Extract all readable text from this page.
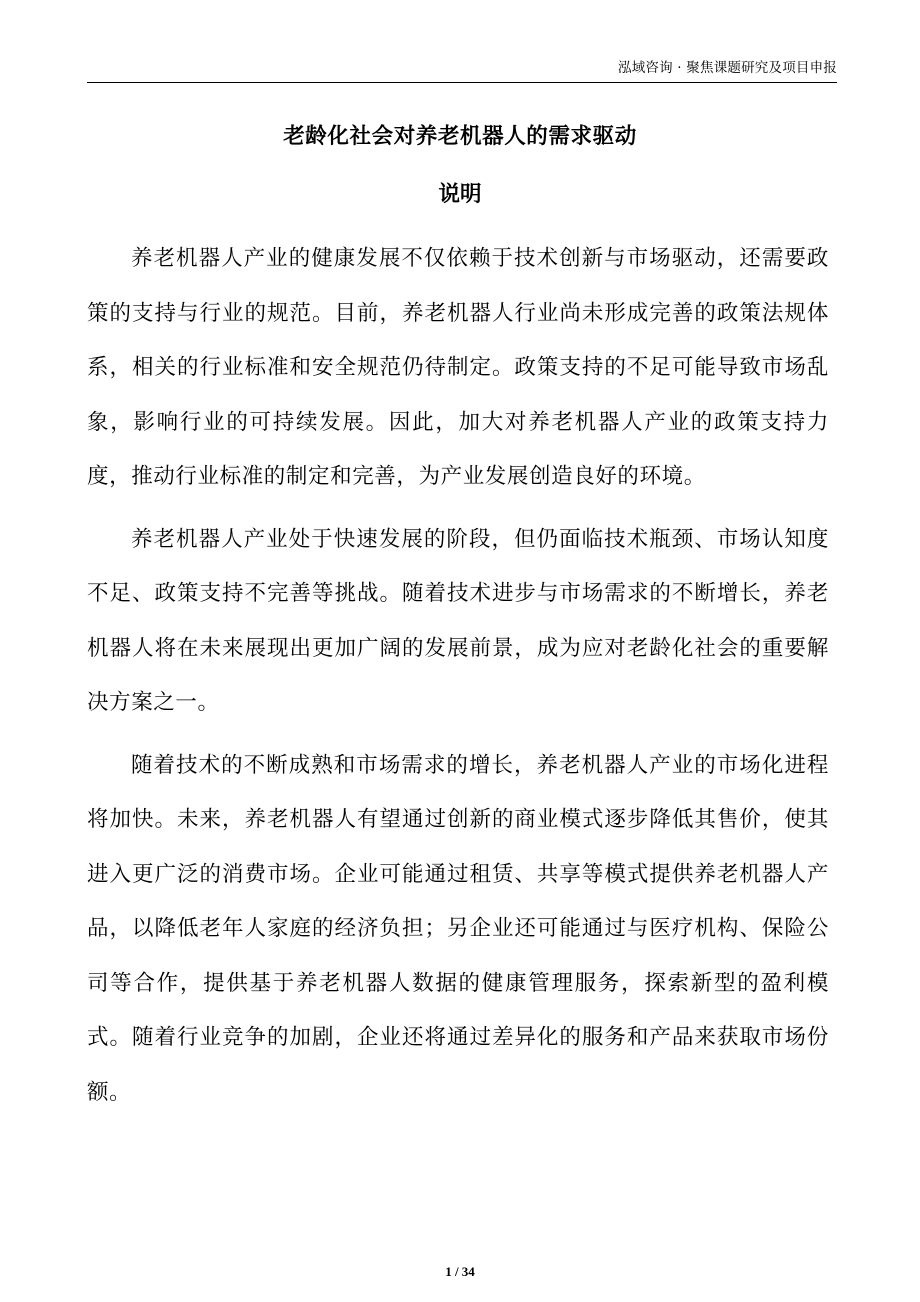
泓域咨询 · 聚焦课题研究及项目申报
老龄化社会对养老机器人的需求驱动
说明

养老机器人产业的健康发展不仅依赖于技术创新与市场驱动，还需要政策的支持与行业的规范。目前，养老机器人行业尚未形成完善的政策法规体系，相关的行业标准和安全规范仍待制定。政策支持的不足可能导致市场乱象，影响行业的可持续发展。因此，加大对养老机器人产业的政策支持力度，推动行业标准的制定和完善，为产业发展创造良好的环境。

养老机器人产业处于快速发展的阶段，但仍面临技术瓶颈、市场认知度不足、政策支持不完善等挑战。随着技术进步与市场需求的不断增长，养老机器人将在未来展现出更加广阔的发展前景，成为应对老龄化社会的重要解决方案之一。

随着技术的不断成熟和市场需求的增长，养老机器人产业的市场化进程将加快。未来，养老机器人有望通过创新的商业模式逐步降低其售价，使其进入更广泛的消费市场。企业可能通过租赁、共享等模式提供养老机器人产品，以降低老年人家庭的经济负担；另企业还可能通过与医疗机构、保险公司等合作，提供基于养老机器人数据的健康管理服务，探索新型的盈利模式。随着行业竞争的加剧，企业还将通过差异化的服务和产品来获取市场份额。

1 / 34
